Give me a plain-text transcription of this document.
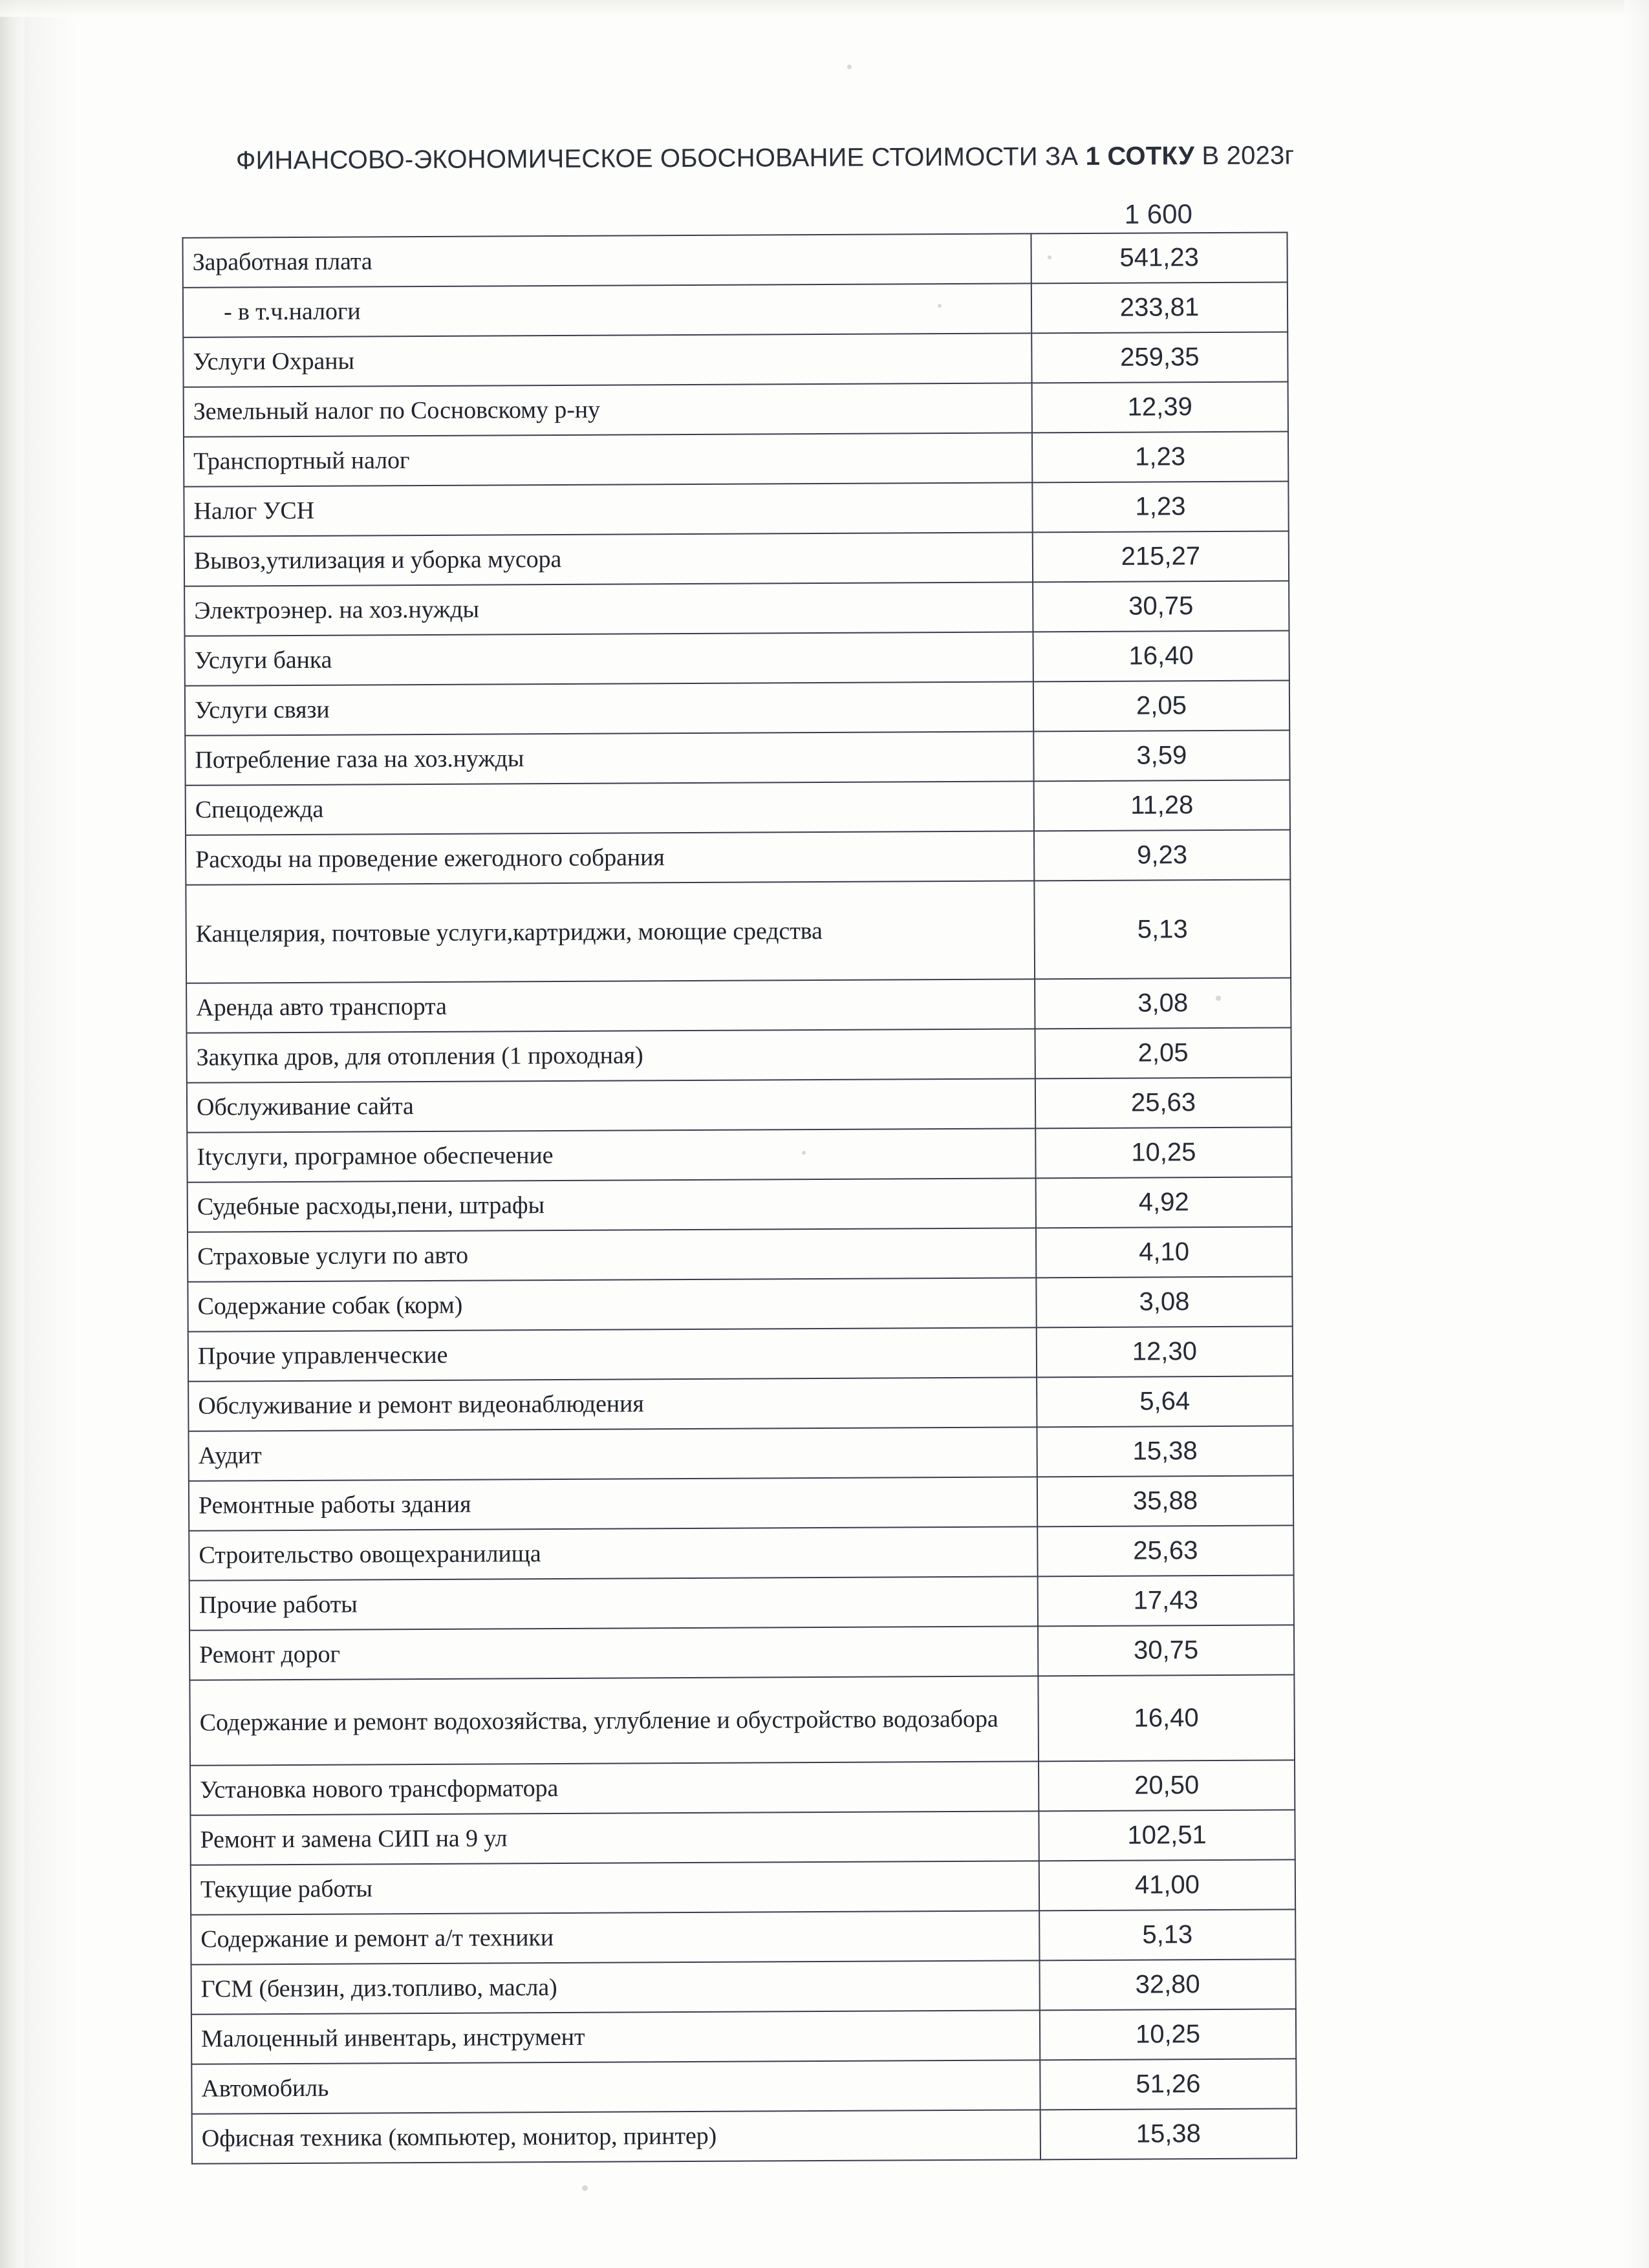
ФИНАНСОВО-ЭКОНОМИЧЕСКОЕ ОБОСНОВАНИЕ СТОИМОСТИ ЗА 1 СОТКУ В 2023г
1 600
Заработная плата	541,23
- в т.ч.налоги	233,81
Услуги Охраны	259,35
Земельный налог по Сосновскому р-ну	12,39
Транспортный налог	1,23
Налог УСН	1,23
Вывоз,утилизация и уборка мусора	215,27
Электроэнер. на хоз.нужды	30,75
Услуги банка	16,40
Услуги связи	2,05
Потребление газа на хоз.нужды	3,59
Спецодежда	11,28
Расходы на проведение ежегодного собрания	9,23
Канцелярия, почтовые услуги,картриджи, моющие средства	5,13
Аренда авто транспорта	3,08
Закупка дров, для отопления (1 проходная)	2,05
Обслуживание сайта	25,63
Ityслуги, програмное обеспечение	10,25
Судебные расходы,пени, штрафы	4,92
Страховые услуги по авто	4,10
Содержание собак (корм)	3,08
Прочие управленческие	12,30
Обслуживание и ремонт видеонаблюдения	5,64
Аудит	15,38
Ремонтные работы здания	35,88
Строительство овощехранилища	25,63
Прочие работы	17,43
Ремонт дорог	30,75
Содержание и ремонт водохозяйства, углубление и обустройство водозабора	16,40
Установка нового трансформатора	20,50
Ремонт и замена СИП на 9 ул	102,51
Текущие работы	41,00
Содержание и ремонт а/т техники	5,13
ГСМ (бензин, диз.топливо, масла)	32,80
Малоценный инвентарь, инструмент	10,25
Автомобиль	51,26
Офисная техника (компьютер, монитор, принтер)	15,38
